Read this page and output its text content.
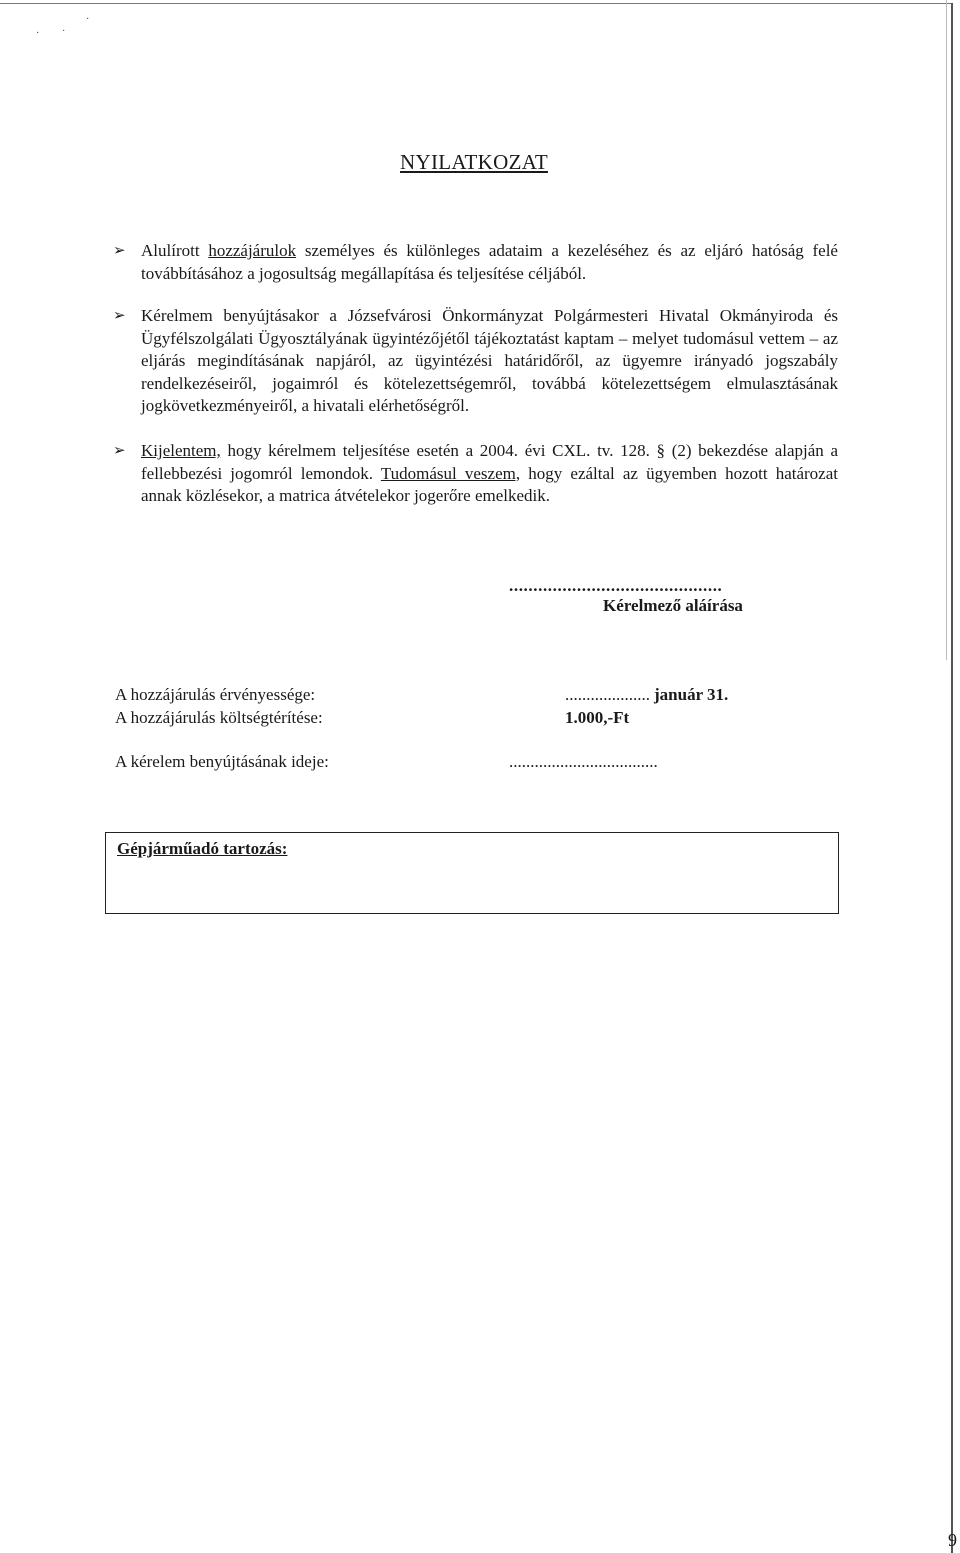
· ·
·
NYILATKOZAT
➢ Alulírott hozzájárulok személyes és különleges adataim a kezeléséhez és az eljáró hatóság felé továbbításához a jogosultság megállapítása és teljesítése céljából.

➢ Kérelmem benyújtásakor a Józsefvárosi Önkormányzat Polgármesteri Hivatal Okmányiroda és Ügyfélszolgálati Ügyosztályának ügyintézőjétől tájékoztatást kaptam – melyet tudomásul vettem – az eljárás megindításának napjáról, az ügyintézési határidőről, az ügyemre irányadó jogszabály rendelkezéseiről, jogaimról és kötelezettségemről, továbbá kötelezettségem elmulasztásának jogkövetkezményeiről, a hivatali elérhetőségről.

➢ Kijelentem, hogy kérelmem teljesítése esetén a 2004. évi CXL. tv. 128. § (2) bekezdése alapján a fellebbezési jogomról lemondok. Tudomásul veszem, hogy ezáltal az ügyemben hozott határozat annak közlésekor, a matrica átvételekor jogerőre emelkedik.

............................................
Kérelmező aláírása
A hozzájárulás érvényessége:	.................... január 31.
A hozzájárulás költségtérítése:	1.000,-Ft
A kérelem benyújtásának ideje:	...................................
Gépjárműadó tartozás:
9
